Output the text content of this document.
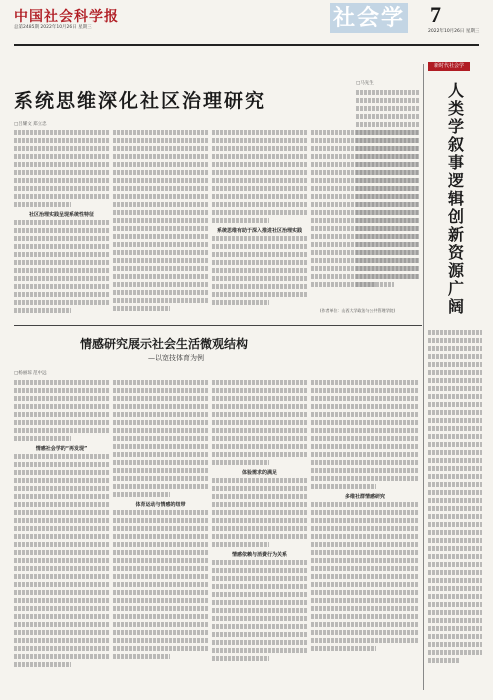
中国社会科学报
总第2485期 2022年10月26日 星期三	社会学 7
2022年10月26日 星期三
系统思维深化社区治理研究
□吕耀文 郑立忠
社区治理实践呈现系统性特征
系统思维有助于深入推进社区治理实践
(作者单位：山西大学政治与公共管理学院)
情感研究展示社会生活微观结构
—以宽技体育为例
□杨丽琼 范中远
情感社会学的“再发现”
体育运动与情感的纽带
体验需求的满足
情感依赖与消费行为关系
多维社群情感研究
新时代社会学
□马先生	人
类
学
叙
事
逻
辑
创
新
资
源
广
阔
